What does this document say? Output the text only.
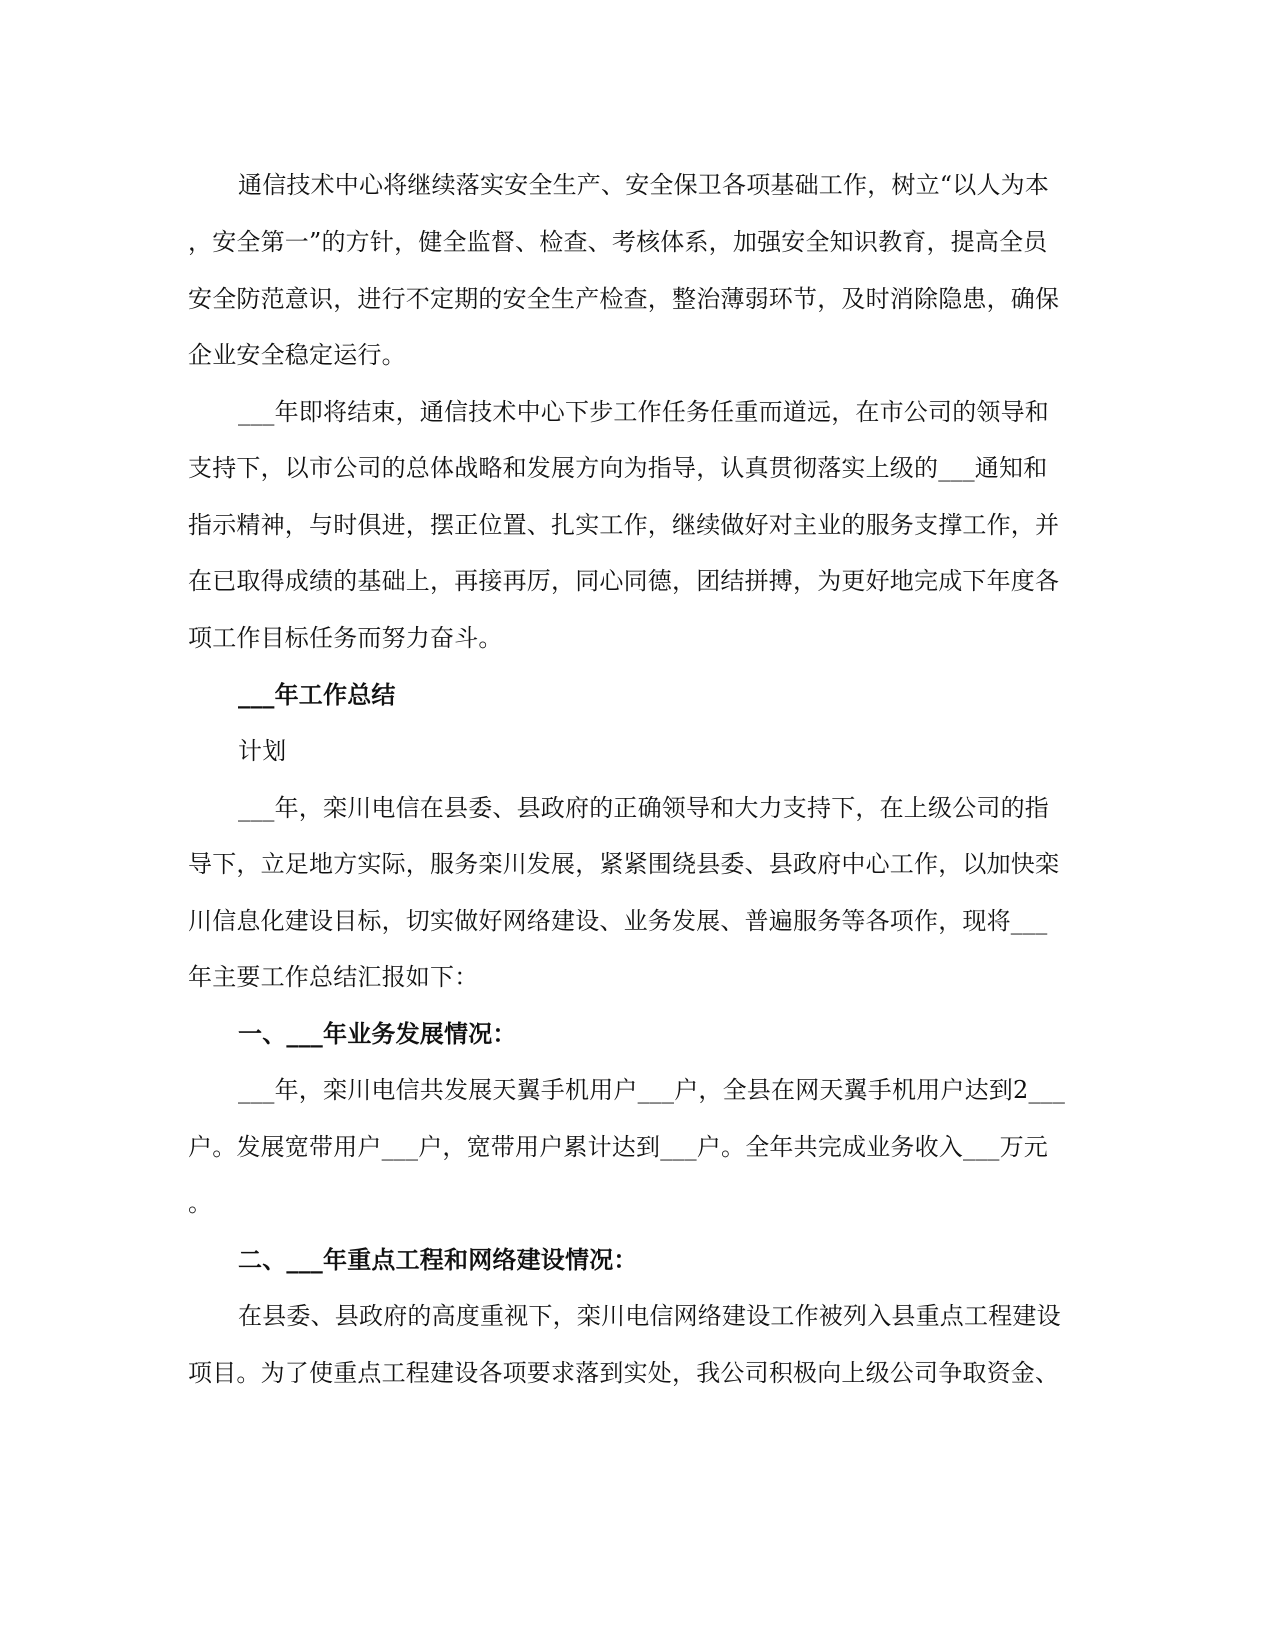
通信技术中心将继续落实安全生产、安全保卫各项基础工作，树立“以人为本
，安全第一”的方针，健全监督、检查、考核体系，加强安全知识教育，提高全员
安全防范意识，进行不定期的安全生产检查，整治薄弱环节，及时消除隐患，确保
企业安全稳定运行。
___年即将结束，通信技术中心下步工作任务任重而道远，在市公司的领导和
支持下，以市公司的总体战略和发展方向为指导，认真贯彻落实上级的___通知和
指示精神，与时俱进，摆正位置、扎实工作，继续做好对主业的服务支撑工作，并
在已取得成绩的基础上，再接再厉，同心同德，团结拼搏，为更好地完成下年度各
项工作目标任务而努力奋斗。
___年工作总结
计划
___年，栾川电信在县委、县政府的正确领导和大力支持下，在上级公司的指
导下，立足地方实际，服务栾川发展，紧紧围绕县委、县政府中心工作，以加快栾
川信息化建设目标，切实做好网络建设、业务发展、普遍服务等各项作，现将___
年主要工作总结汇报如下：
一、___年业务发展情况：
___年，栾川电信共发展天翼手机用户___户，全县在网天翼手机用户达到2___
户。发展宽带用户___户，宽带用户累计达到___户。全年共完成业务收入___万元
。
二、___年重点工程和网络建设情况：
在县委、县政府的高度重视下，栾川电信网络建设工作被列入县重点工程建设
项目。为了使重点工程建设各项要求落到实处，我公司积极向上级公司争取资金、
